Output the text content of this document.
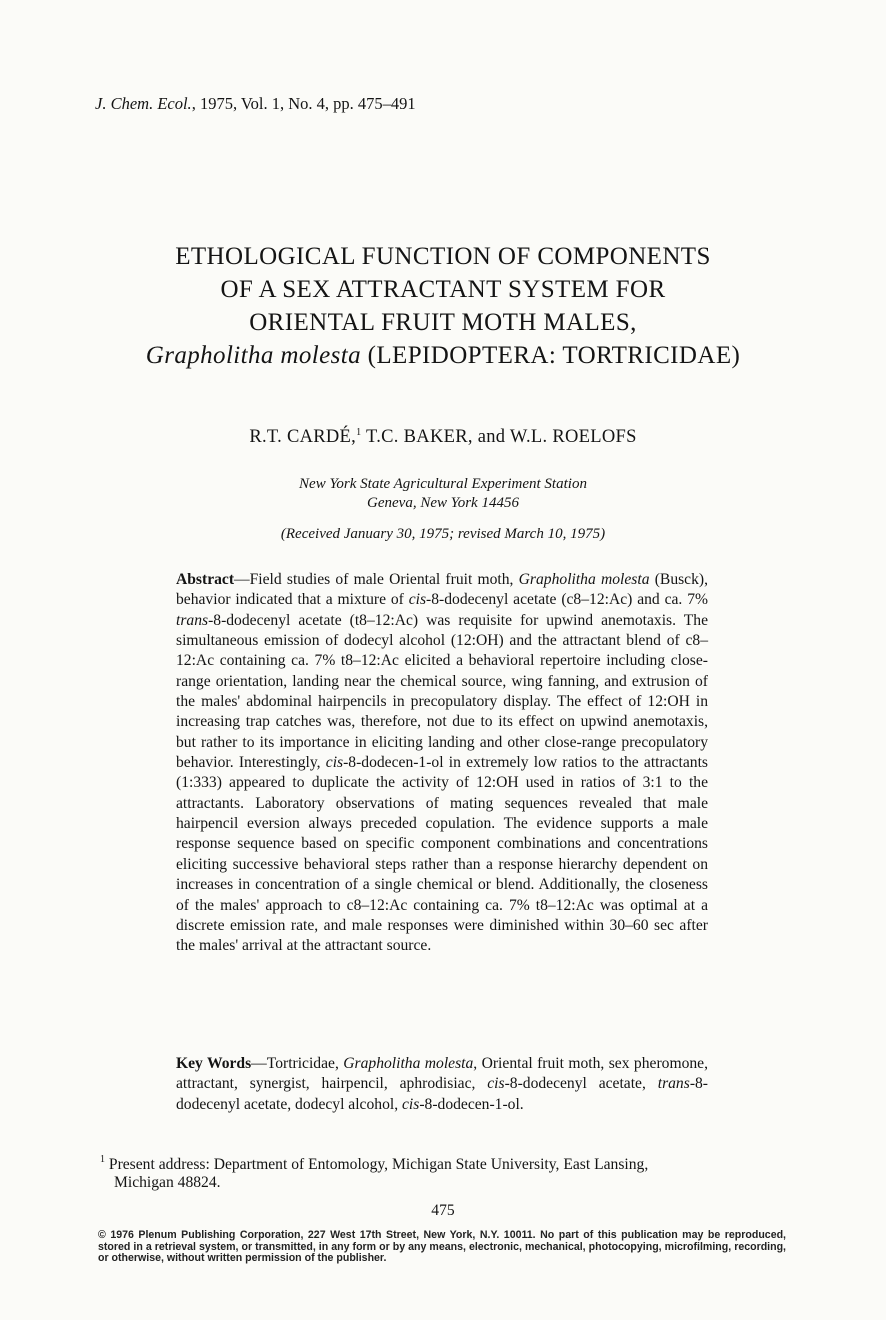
J. Chem. Ecol., 1975, Vol. 1, No. 4, pp. 475–491
ETHOLOGICAL FUNCTION OF COMPONENTS
OF A SEX ATTRACTANT SYSTEM FOR
ORIENTAL FRUIT MOTH MALES,
Grapholitha molesta (LEPIDOPTERA: TORTRICIDAE)
R.T. CARDÉ,$^1$ T.C. BAKER, and W.L. ROELOFS
New York State Agricultural Experiment Station
Geneva, New York 14456
(Received January 30, 1975; revised March 10, 1975)
Abstract—Field studies of male Oriental fruit moth, Grapholitha molesta (Busck), behavior indicated that a mixture of cis-8-dodecenyl acetate (c8–12:Ac) and ca. 7% trans-8-dodecenyl acetate (t8–12:Ac) was requisite for upwind anemotaxis. The simultaneous emission of dodecyl alcohol (12:OH) and the attractant blend of c8–12:Ac containing ca. 7% t8–12:Ac elicited a behavioral repertoire including close-range orientation, landing near the chemical source, wing fanning, and extrusion of the males' abdominal hairpencils in precopulatory display. The effect of 12:OH in increasing trap catches was, therefore, not due to its effect on upwind anemotaxis, but rather to its importance in eliciting landing and other close-range precopulatory behavior. Interestingly, cis-8-dodecen-1-ol in extremely low ratios to the attractants (1:333) appeared to duplicate the activity of 12:OH used in ratios of 3:1 to the attractants. Laboratory observations of mating sequences revealed that male hairpencil eversion always preceded copulation. The evidence supports a male response sequence based on specific component combinations and concentrations eliciting successive behavioral steps rather than a response hierarchy dependent on increases in concentration of a single chemical or blend. Additionally, the closeness of the males' approach to c8–12:Ac containing ca. 7% t8–12:Ac was optimal at a discrete emission rate, and male responses were diminished within 30–60 sec after the males' arrival at the attractant source.
Key Words—Tortricidae, Grapholitha molesta, Oriental fruit moth, sex pheromone, attractant, synergist, hairpencil, aphrodisiac, cis-8-dodecenyl acetate, trans-8-dodecenyl acetate, dodecyl alcohol, cis-8-dodecen-1-ol.
$^1$ Present address: Department of Entomology, Michigan State University, East Lansing,
Michigan 48824.
475
© 1976 Plenum Publishing Corporation, 227 West 17th Street, New York, N.Y. 10011. No part of this publication may be reproduced, stored in a retrieval system, or transmitted, in any form or by any means, electronic, mechanical, photocopying, microfilming, recording, or otherwise, without written permission of the publisher.
